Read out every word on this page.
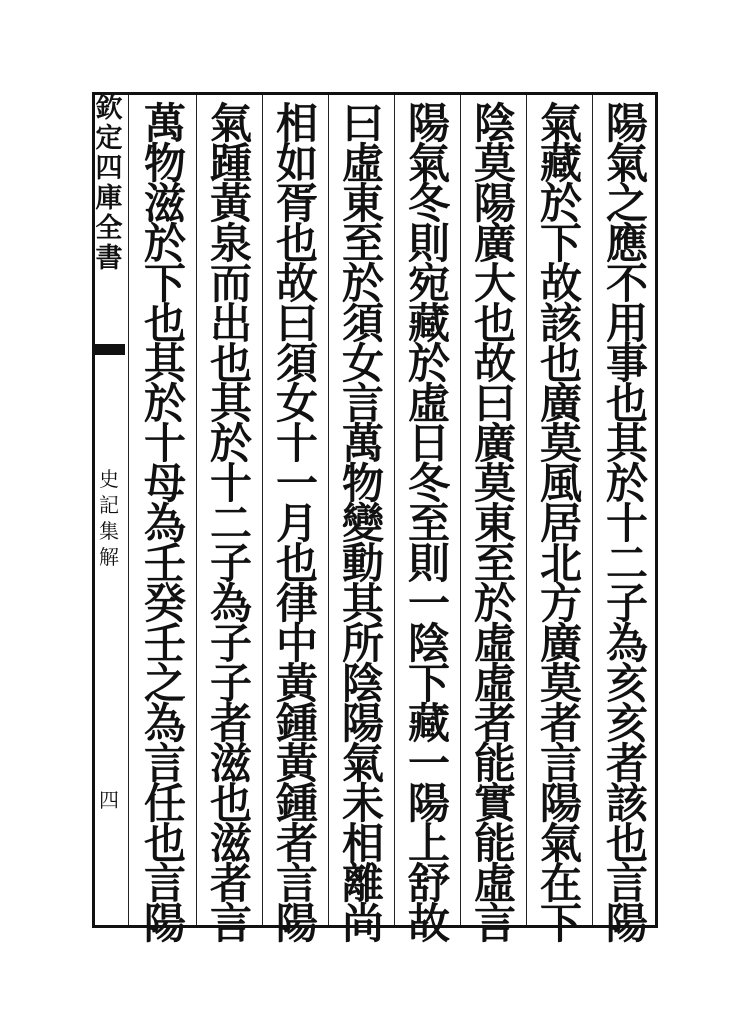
欽
定
四
庫
全
書
史
記
集
解
四
陽
氣
之
應
不
用
事
也
其
於
十
二
子
為
亥
亥
者
該
也
言
陽
氣
藏
於
下
故
該
也
廣
莫
風
居
北
方
廣
莫
者
言
陽
氣
在
下
陰
莫
陽
廣
大
也
故
曰
廣
莫
東
至
於
虛
虛
者
能
實
能
虛
言
陽
氣
冬
則
宛
藏
於
虛
日
冬
至
則
一
陰
下
藏
一
陽
上
舒
故
曰
虛
東
至
於
須
女
言
萬
物
變
動
其
所
陰
陽
氣
未
相
離
尚
相
如
胥
也
故
曰
須
女
十
一
月
也
律
中
黃
鍾
黃
鍾
者
言
陽
氣
踵
黃
泉
而
出
也
其
於
十
二
子
為
子
子
者
滋
也
滋
者
言
萬
物
滋
於
下
也
其
於
十
母
為
壬
癸
壬
之
為
言
任
也
言
陽
